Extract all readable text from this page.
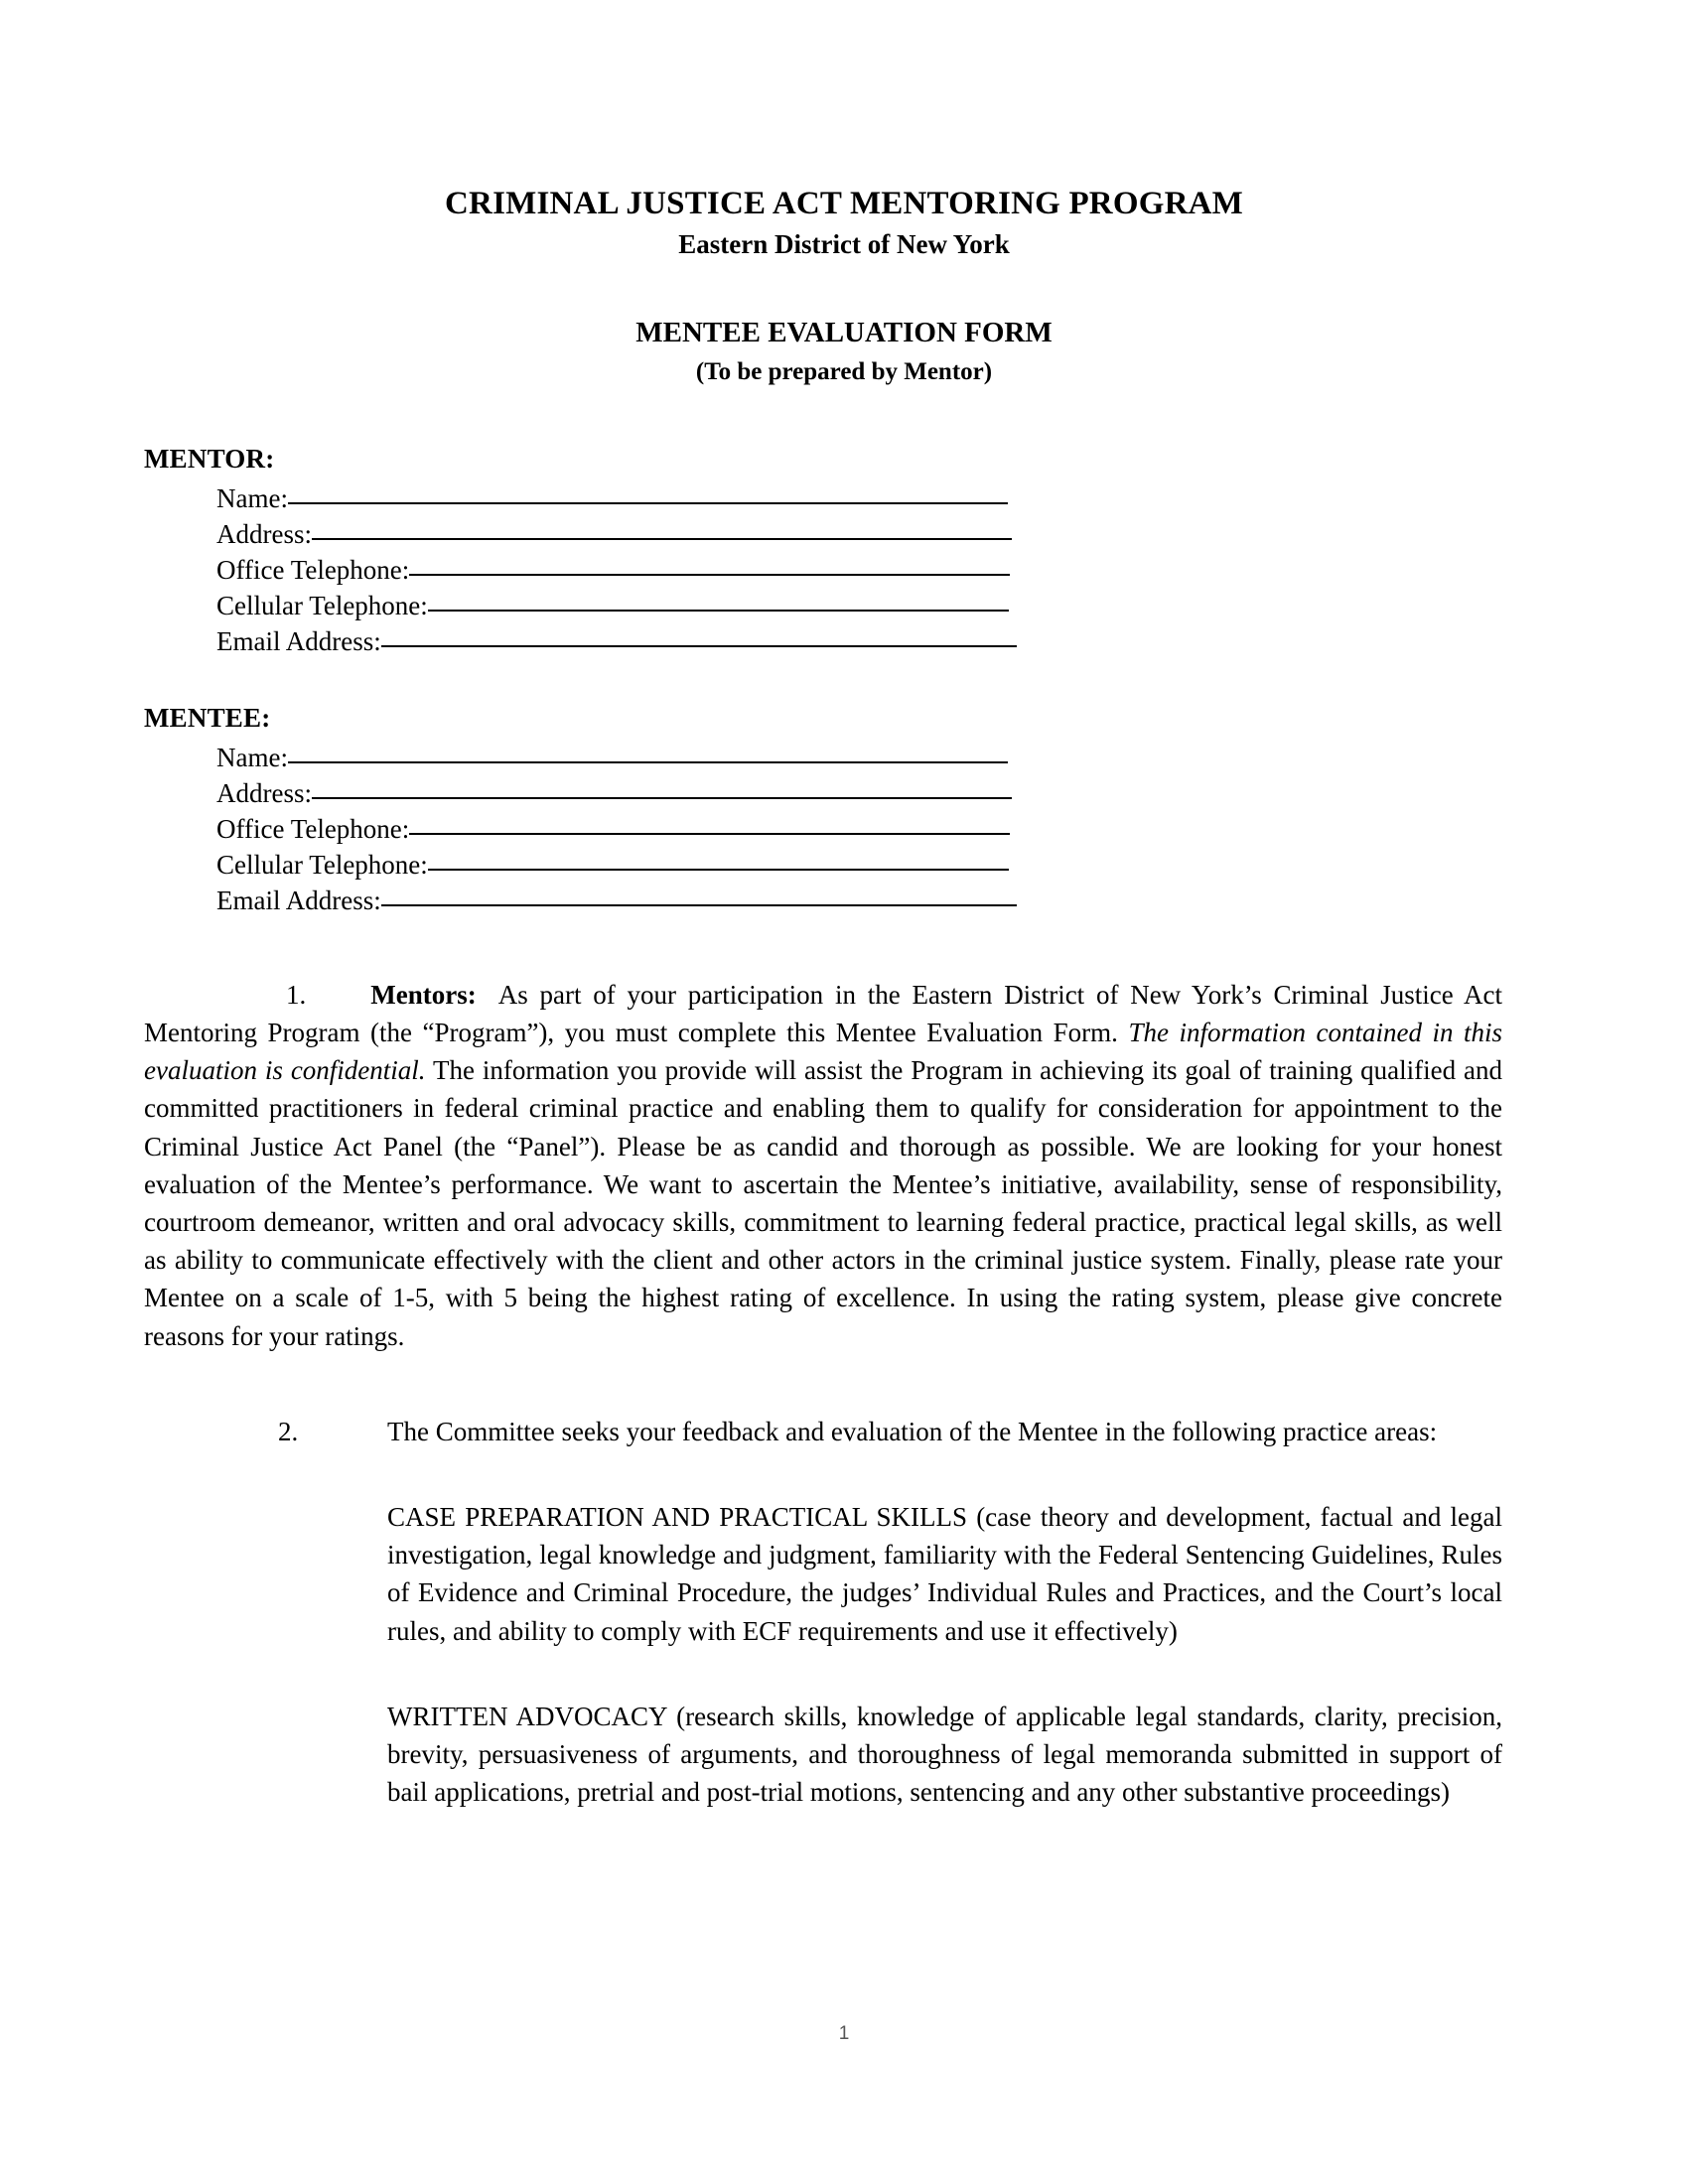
CRIMINAL JUSTICE ACT MENTORING PROGRAM
Eastern District of New York
MENTEE EVALUATION FORM
(To be prepared by Mentor)
MENTOR:
Name:
Address:
Office Telephone:
Cellular Telephone:
Email Address:
MENTEE:
Name:
Address:
Office Telephone:
Cellular Telephone:
Email Address:
1. Mentors: As part of your participation in the Eastern District of New York’s Criminal Justice Act Mentoring Program (the “Program”), you must complete this Mentee Evaluation Form. The information contained in this evaluation is confidential. The information you provide will assist the Program in achieving its goal of training qualified and committed practitioners in federal criminal practice and enabling them to qualify for consideration for appointment to the Criminal Justice Act Panel (the “Panel”). Please be as candid and thorough as possible. We are looking for your honest evaluation of the Mentee’s performance. We want to ascertain the Mentee’s initiative, availability, sense of responsibility, courtroom demeanor, written and oral advocacy skills, commitment to learning federal practice, practical legal skills, as well as ability to communicate effectively with the client and other actors in the criminal justice system. Finally, please rate your Mentee on a scale of 1-5, with 5 being the highest rating of excellence. In using the rating system, please give concrete reasons for your ratings.
2.	The Committee seeks your feedback and evaluation of the Mentee in the following practice areas:
CASE PREPARATION AND PRACTICAL SKILLS (case theory and development, factual and legal investigation, legal knowledge and judgment, familiarity with the Federal Sentencing Guidelines, Rules of Evidence and Criminal Procedure, the judges’ Individual Rules and Practices, and the Court’s local rules, and ability to comply with ECF requirements and use it effectively)
WRITTEN ADVOCACY (research skills, knowledge of applicable legal standards, clarity, precision, brevity, persuasiveness of arguments, and thoroughness of legal memoranda submitted in support of bail applications, pretrial and post-trial motions, sentencing and any other substantive proceedings)
1
